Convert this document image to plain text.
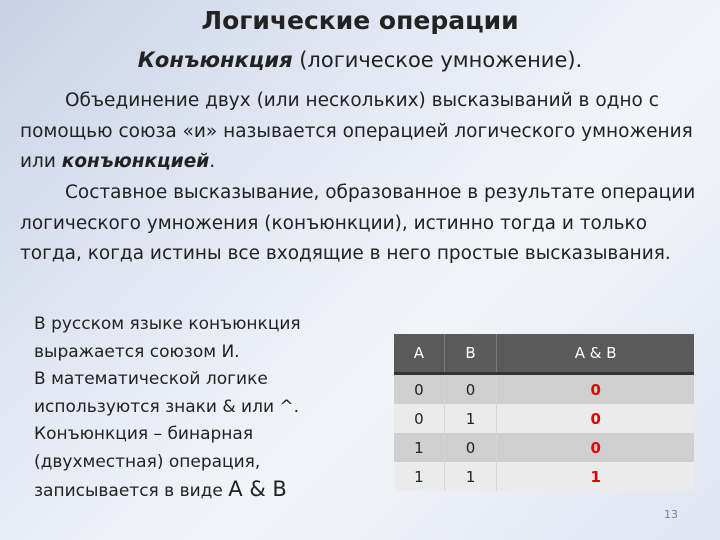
Логические операции
Конъюнкция (логическое умножение).
Объединение двух (или нескольких) высказываний в одно с помощью союза «и» называется операцией логического умножения или конъюнкцией.
Составное высказывание, образованное в результате операции логического умножения (конъюнкции), истинно тогда и только тогда, когда истины все входящие в него простые высказывания.
В русском языке конъюнкция выражается союзом И.
В математической логике используются знаки & или ^.
Конъюнкция – бинарная (двухместная) операция, записывается в виде А & В
А	В	А & В
0	0	0
0	1	0
1	0	0
1	1	1
13
